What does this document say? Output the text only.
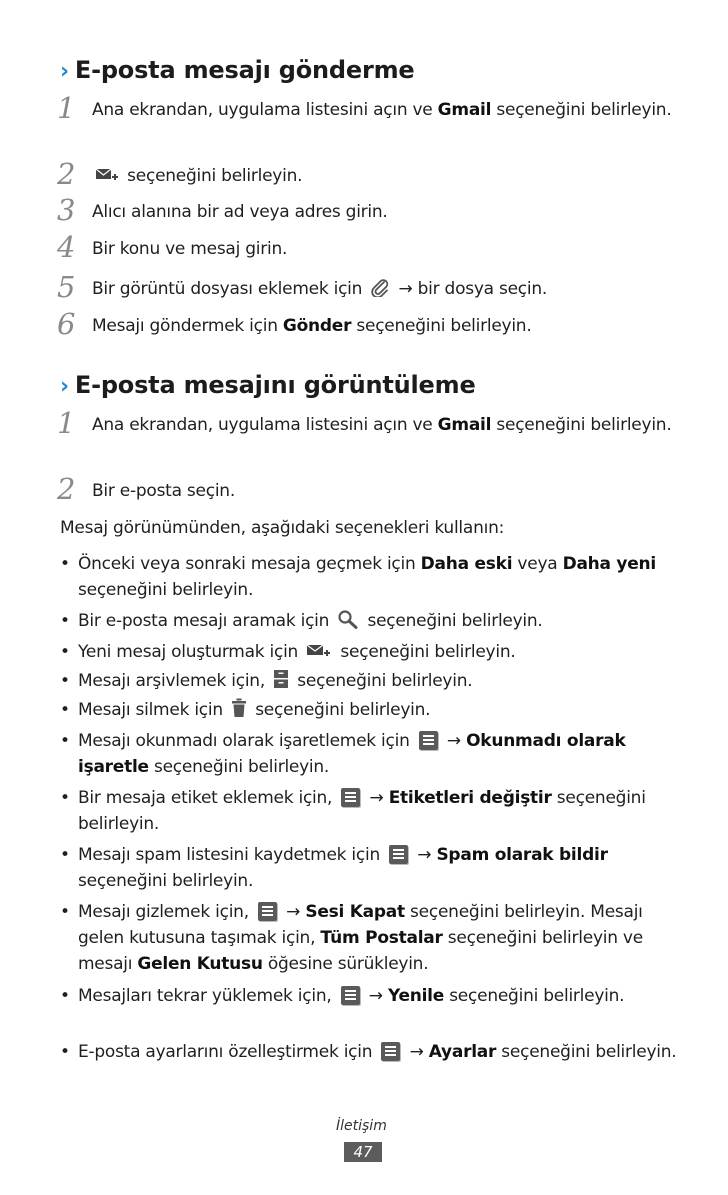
› E-posta mesajı gönderme
1 Ana ekrandan, uygulama listesini açın ve Gmail seçeneğini belirleyin.
2	seçeneğini belirleyin.
3 Alıcı alanına bir ad veya adres girin.
4 Bir konu ve mesaj girin.
5 Bir görüntü dosyası eklemek için  → bir dosya seçin.
6 Mesajı göndermek için Gönder seçeneğini belirleyin.
› E-posta mesajını görüntüleme
1 Ana ekrandan, uygulama listesini açın ve Gmail seçeneğini belirleyin.
2 Bir e-posta seçin.
Mesaj görünümünden, aşağıdaki seçenekleri kullanın:
• Önceki veya sonraki mesaja geçmek için Daha eski veya Daha yeni seçeneğini belirleyin.
• Bir e-posta mesajı aramak için  seçeneğini belirleyin.
• Yeni mesaj oluşturmak için  seçeneğini belirleyin.
• Mesajı arşivlemek için,  seçeneğini belirleyin.
• Mesajı silmek için  seçeneğini belirleyin.
• Mesajı okunmadı olarak işaretlemek için
→ Okunmadı olarak işaretle seçeneğini belirleyin.
• Bir mesaja etiket eklemek için,
→ Etiketleri değiştir seçeneğini belirleyin.
• Mesajı spam listesini kaydetmek için
→ Spam olarak bildir seçeneğini belirleyin.
• Mesajı gizlemek için,
→ Sesi Kapat seçeneğini belirleyin. Mesajı gelen kutusuna taşımak için, Tüm Postalar seçeneğini belirleyin ve mesajı Gelen Kutusu öğesine sürükleyin.
• Mesajları tekrar yüklemek için,
→ Yenile seçeneğini belirleyin.
• E-posta ayarlarını özelleştirmek için
→ Ayarlar seçeneğini belirleyin.
İletişim
47
